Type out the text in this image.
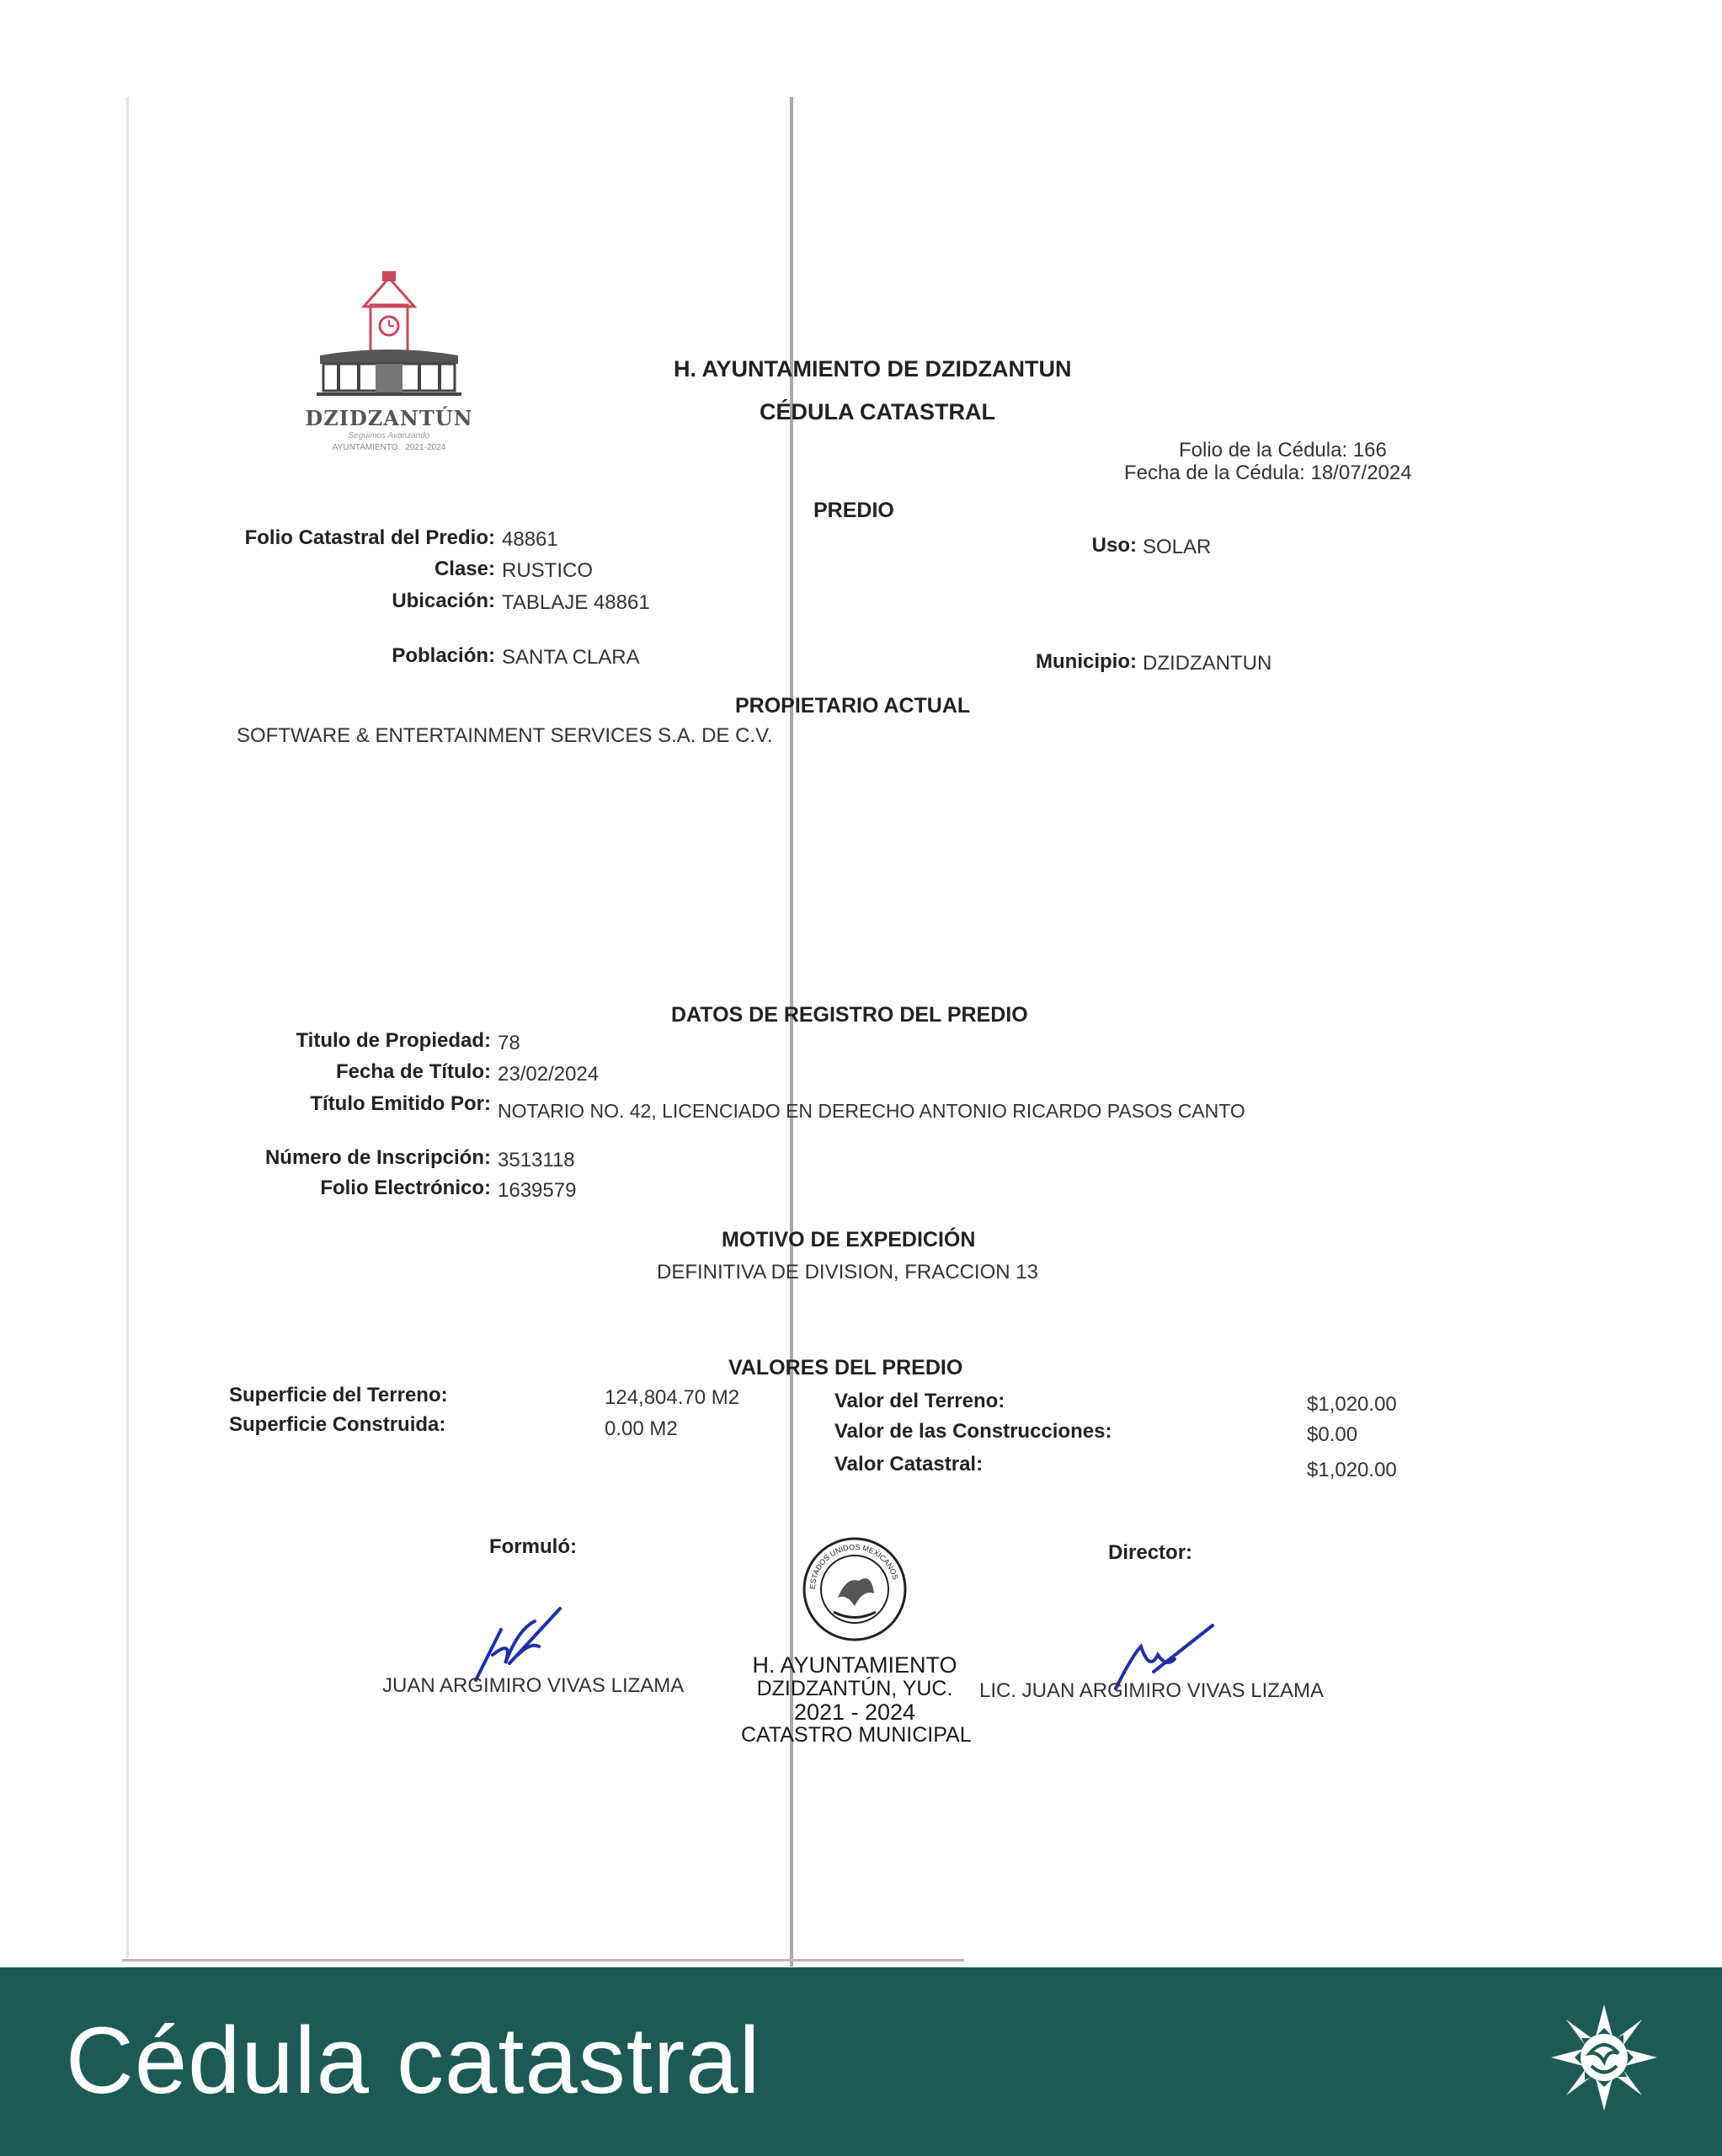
DZIDZANTÚN
Seguimos Avanzando
AYUNTAMIENTO 2021-2024
H. AYUNTAMIENTO DE DZIDZANTUN
CÉDULA CATASTRAL
Folio de la Cédula: 166
Fecha de la Cédula: 18/07/2024
PREDIO
Folio Catastral del Predio: 48861
Clase: RUSTICO
Ubicación: TABLAJE 48861
Población: SANTA CLARA
Uso: SOLAR
Municipio: DZIDZANTUN
PROPIETARIO ACTUAL
SOFTWARE & ENTERTAINMENT SERVICES S.A. DE C.V.
DATOS DE REGISTRO DEL PREDIO
Titulo de Propiedad: 78
Fecha de Título: 23/02/2024
Título Emitido Por: NOTARIO NO. 42, LICENCIADO EN DERECHO ANTONIO RICARDO PASOS CANTO
Número de Inscripción: 3513118
Folio Electrónico: 1639579
MOTIVO DE EXPEDICIÓN
DEFINITIVA DE DIVISION, FRACCION 13
VALORES DEL PREDIO
Superficie del Terreno:	124,804.70 M2
Superficie Construida:	0.00 M2
Valor del Terreno:	$1,020.00
Valor de las Construcciones:	$0.00
Valor Catastral:	$1,020.00
Formuló:
JUAN ARGIMIRO VIVAS LIZAMA
Director:
LIC. JUAN ARGIMIRO VIVAS LIZAMA
ESTADOS UNIDOS MEXICANOS
H. AYUNTAMIENTO
DZIDZANTÚN, YUC.
2021 - 2024
CATASTRO MUNICIPAL
Cédula catastral
